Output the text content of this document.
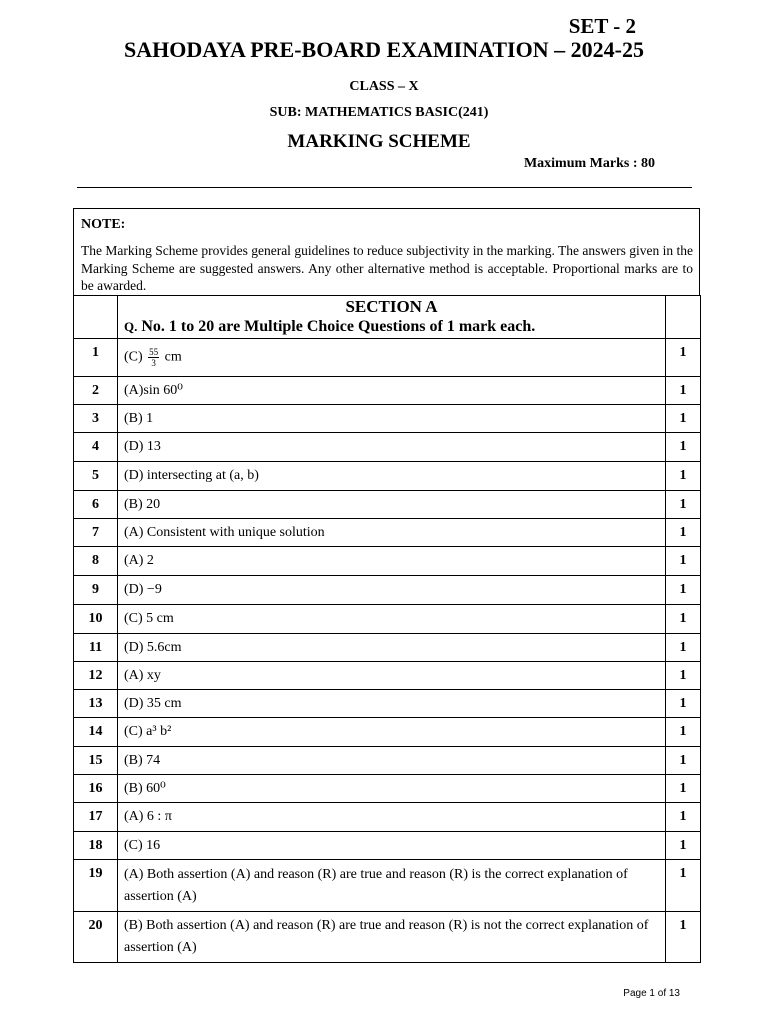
SET - 2
SAHODAYA PRE-BOARD EXAMINATION – 2024-25
CLASS – X
SUB: MATHEMATICS BASIC(241)
MARKING SCHEME
Maximum Marks : 80
NOTE:
The Marking Scheme provides general guidelines to reduce subjectivity in the marking. The answers given in the Marking Scheme are suggested answers. Any other alternative method is acceptable. Proportional marks are to be awarded.

	SECTION A
Q. No. 1 to 20 are Multiple Choice Questions of 1 mark each.	

1	$(C) \frac{55}{3}$ cm	1
2	(A)sin 60⁰	1
3	(B) 1	1
4	(D) 13	1
5	(D) intersecting at (a, b)	1
6	(B) 20	1
7	(A) Consistent with unique solution	1
8	(A) 2	1
9	(D) −9	1
10	(C) 5 cm	1
11	(D) 5.6cm	1
12	(A) xy	1
13	(D) 35 cm	1
14	(C) a³ b²	1
15	(B) 74	1
16	(B) 60⁰	1
17	(A) 6 : π	1
18	(C) 16	1
19	(A) Both assertion (A) and reason (R) are true and reason (R) is the correct explanation of assertion (A)	1
20	(B) Both assertion (A) and reason (R) are true and reason (R) is not the correct explanation of assertion (A)	1
Page 1 of 13
